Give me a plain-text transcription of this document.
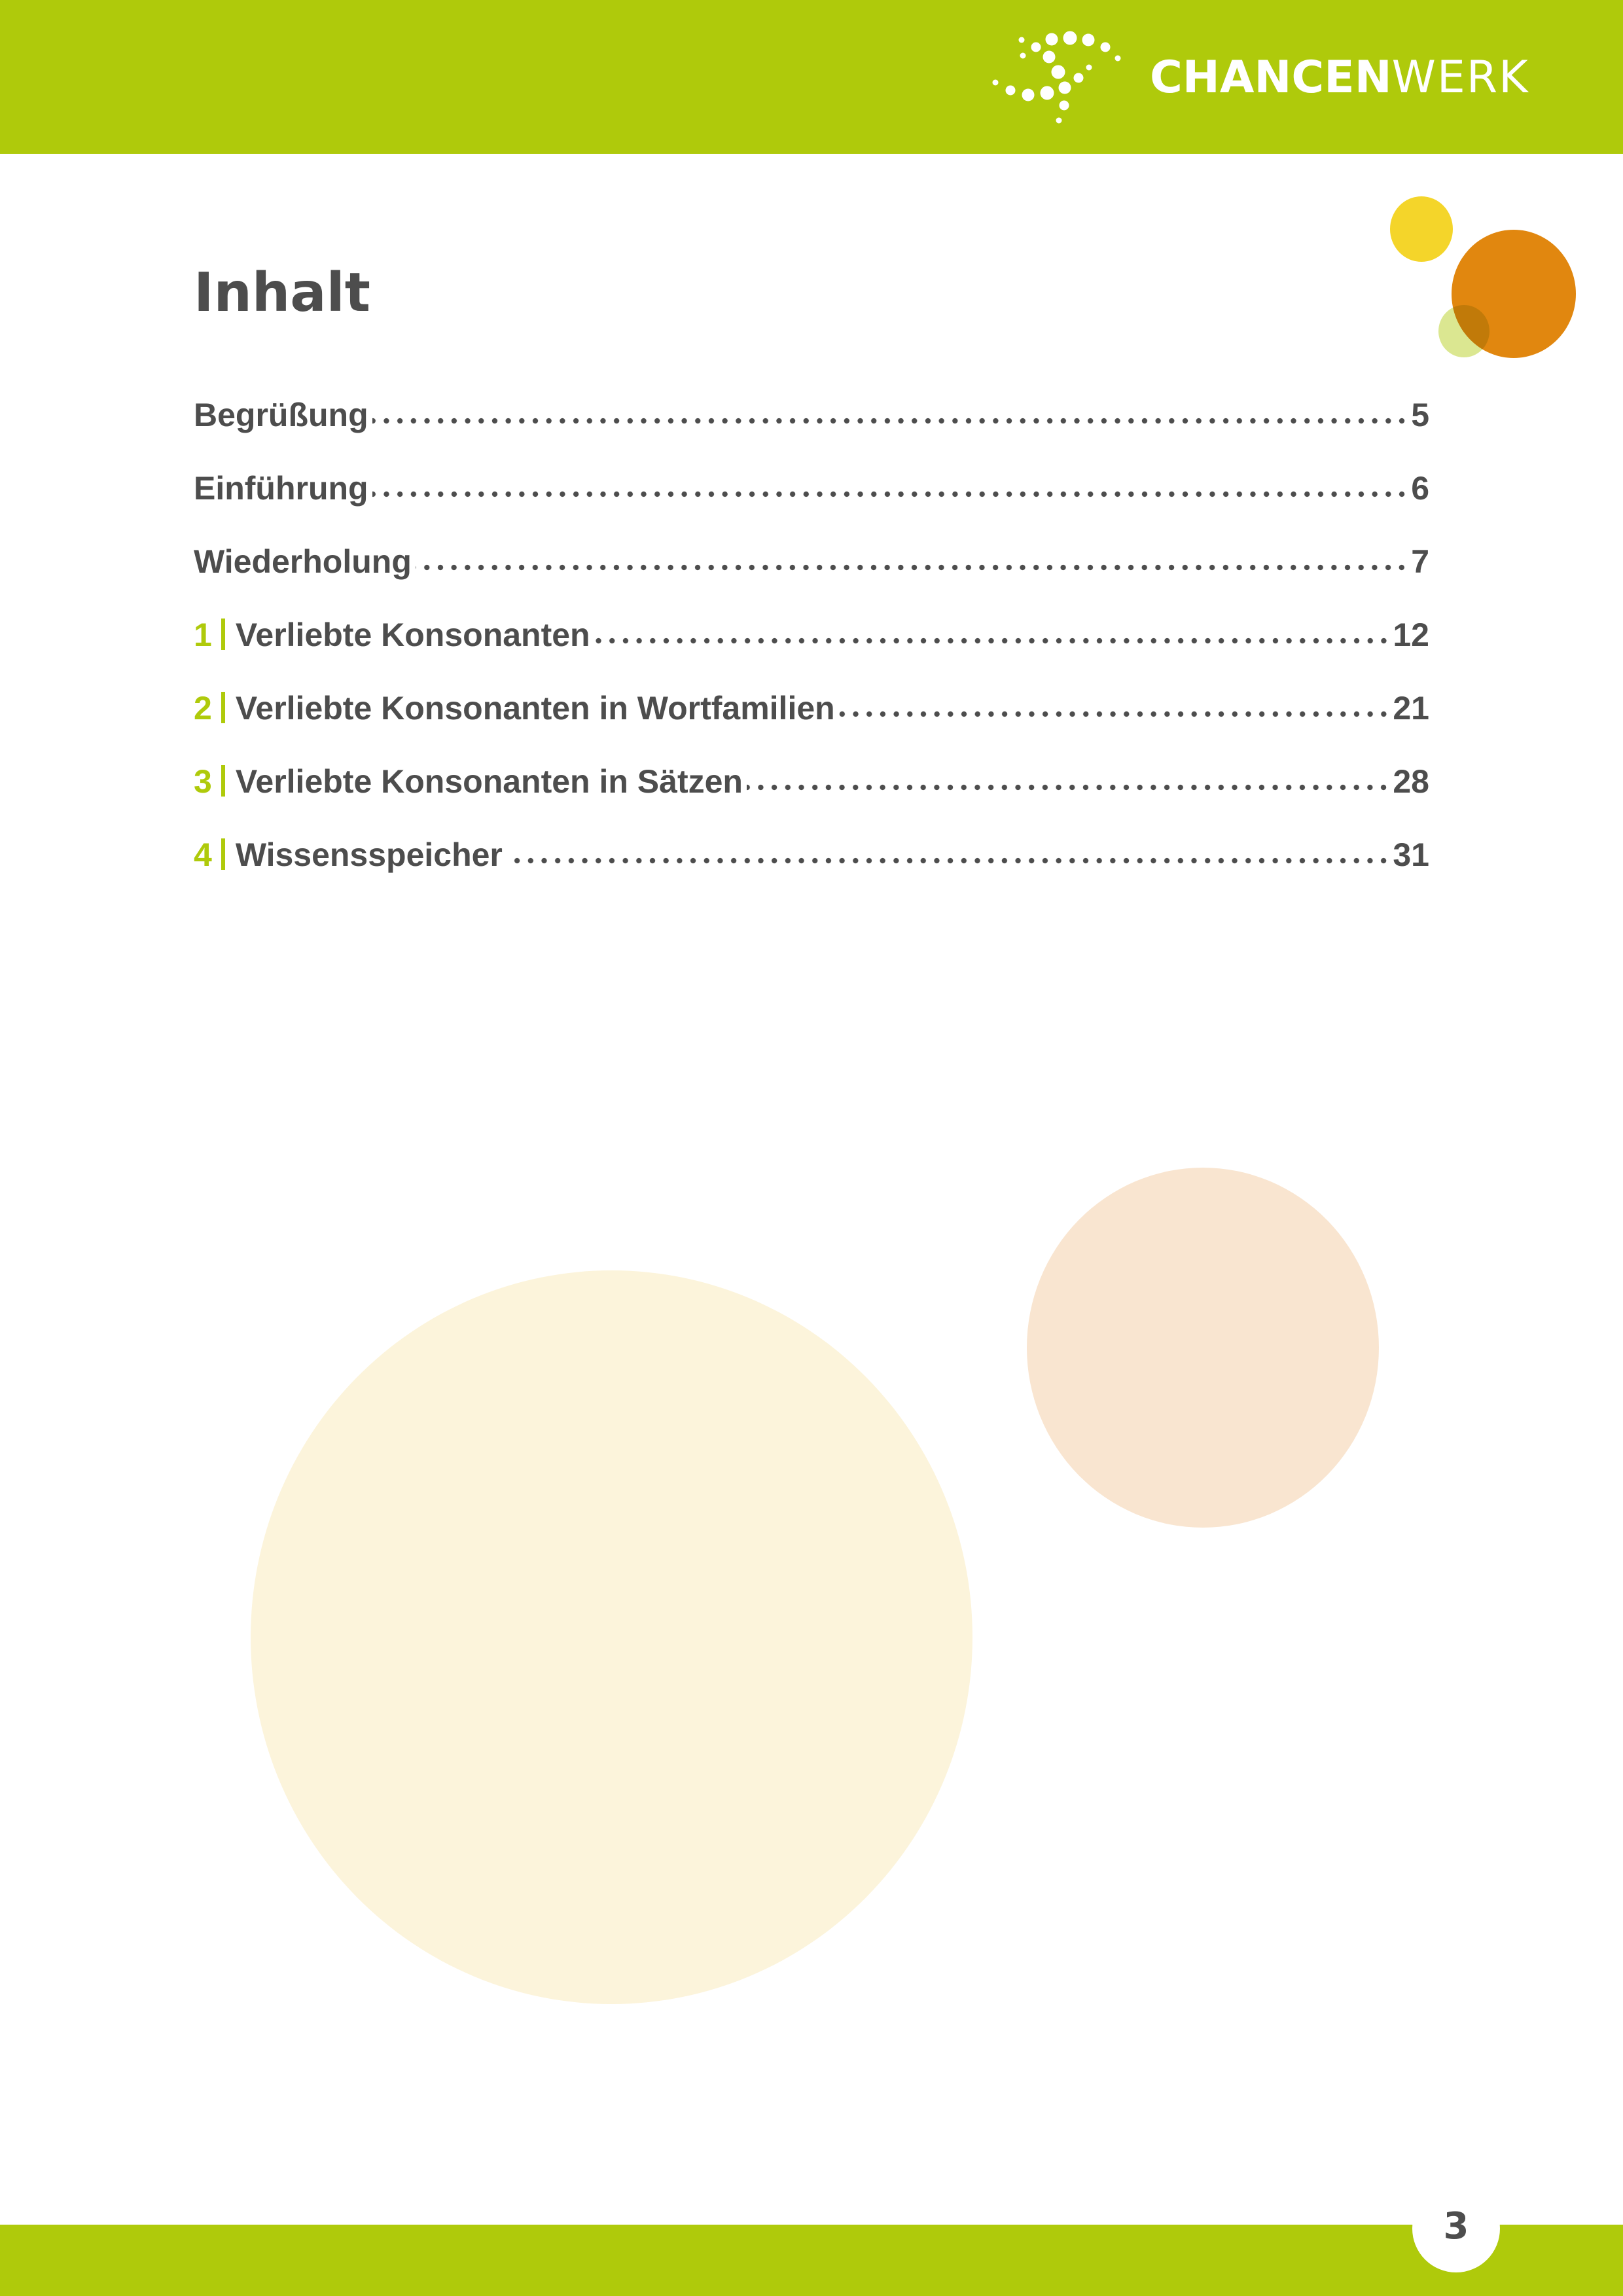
CHANCENWERK
Inhalt
Begrüßung	5
Einführung	6
Wiederholung	7
1 Verliebte Konsonanten	12
2 Verliebte Konsonanten in Wortfamilien	21
3 Verliebte Konsonanten in Sätzen	28
4 Wissensspeicher	31
3
